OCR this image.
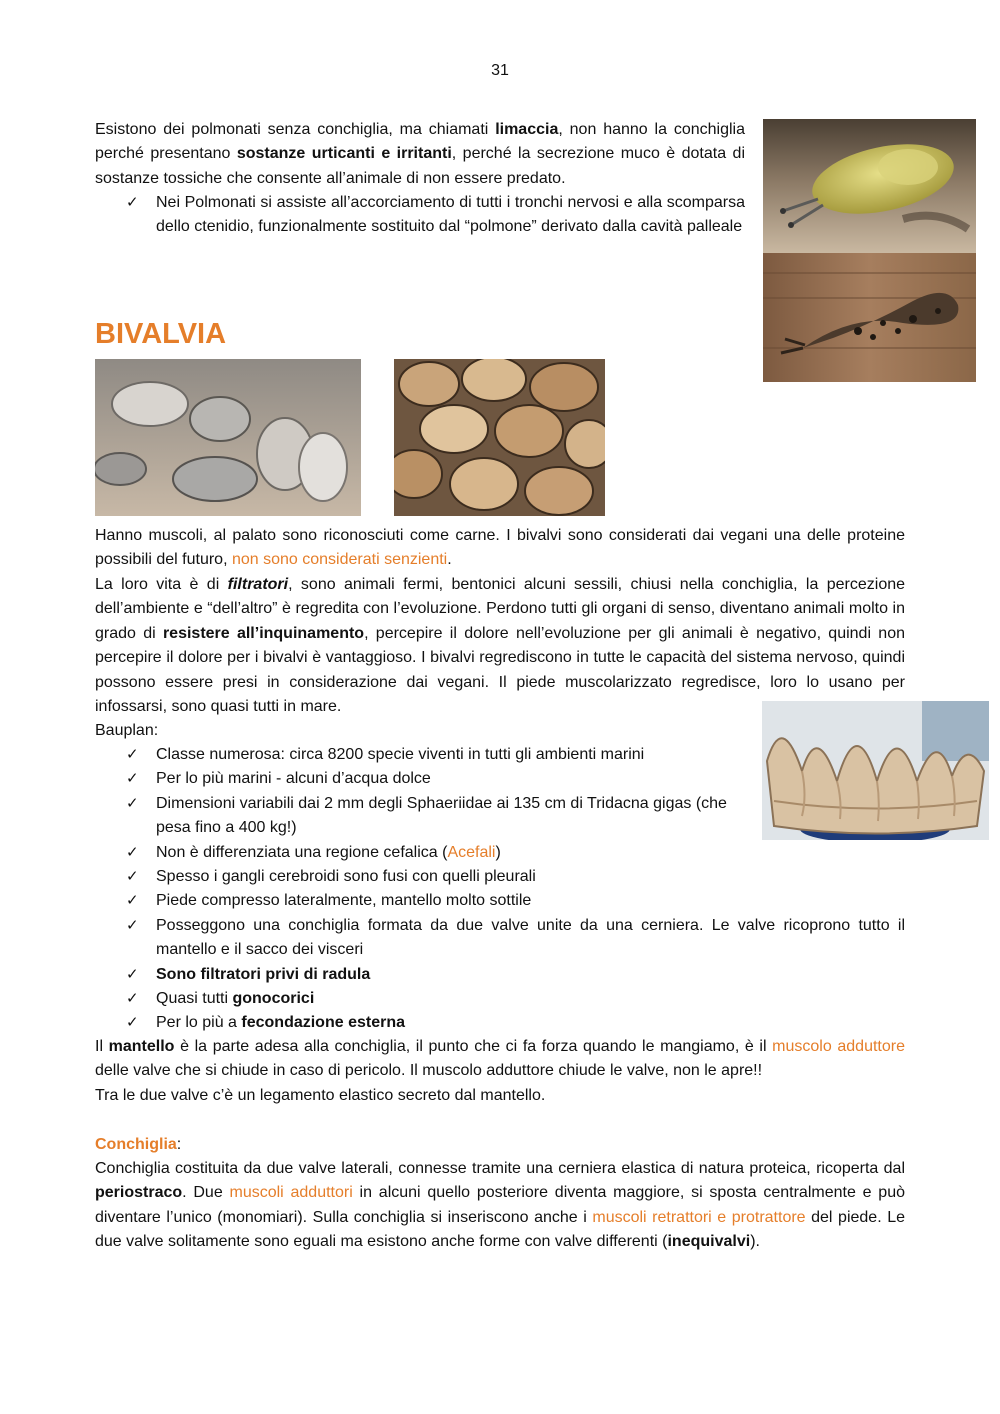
31
Esistono dei polmonati senza conchiglia, ma chiamati limaccia, non hanno la conchiglia perché presentano sostanze urticanti e irritanti, perché la secrezione muco è dotata di sostanze tossiche che consente all’animale di non essere predato.
✓ Nei Polmonati si assiste all’accorciamento di tutti i tronchi nervosi e alla scomparsa dello ctenidio, funzionalmente sostituito dal “polmone” derivato dalla cavità palleale
BIVALVIA
Hanno muscoli, al palato sono riconosciuti come carne. I bivalvi sono considerati dai vegani una delle proteine possibili del futuro, non sono considerati senzienti.
La loro vita è di filtratori, sono animali fermi, bentonici alcuni sessili, chiusi nella conchiglia, la percezione dell’ambiente e “dell’altro” è regredita con l’evoluzione. Perdono tutti gli organi di senso, diventano animali molto in grado di resistere all’inquinamento, percepire il dolore nell’evoluzione per gli animali è negativo, quindi non percepire il dolore per i bivalvi è vantaggioso. I bivalvi regrediscono in tutte le capacità del sistema nervoso, quindi possono essere presi in considerazione dai vegani. Il piede muscolarizzato regredisce, loro lo usano per infossarsi, sono quasi tutti in mare.
Bauplan:
✓ Classe numerosa: circa 8200 specie viventi in tutti gli ambienti marini
✓ Per lo più marini - alcuni d’acqua dolce
✓ Dimensioni variabili dai 2 mm degli Sphaeriidae ai 135 cm di Tridacna gigas (che pesa fino a 400 kg!)
✓ Non è differenziata una regione cefalica (Acefali)
✓ Spesso i gangli cerebroidi sono fusi con quelli pleurali
✓ Piede compresso lateralmente, mantello molto sottile
✓ Posseggono una conchiglia formata da due valve unite da una cerniera. Le valve ricoprono tutto il mantello e il sacco dei visceri
✓ Sono filtratori privi di radula
✓ Quasi tutti gonocorici
✓ Per lo più a fecondazione esterna
Il mantello è la parte adesa alla conchiglia, il punto che ci fa forza quando le mangiamo, è il muscolo adduttore delle valve che si chiude in caso di pericolo. Il muscolo adduttore chiude le valve, non le apre!!
Tra le due valve c’è un legamento elastico secreto dal mantello.
Conchiglia:
Conchiglia costituita da due valve laterali, connesse tramite una cerniera elastica di natura proteica, ricoperta dal periostraco. Due muscoli adduttori in alcuni quello posteriore diventa maggiore, si sposta centralmente e può diventare l’unico (monomiari). Sulla conchiglia si inseriscono anche i muscoli retrattori e protrattore del piede. Le due valve solitamente sono eguali ma esistono anche forme con valve differenti (inequivalvi).
